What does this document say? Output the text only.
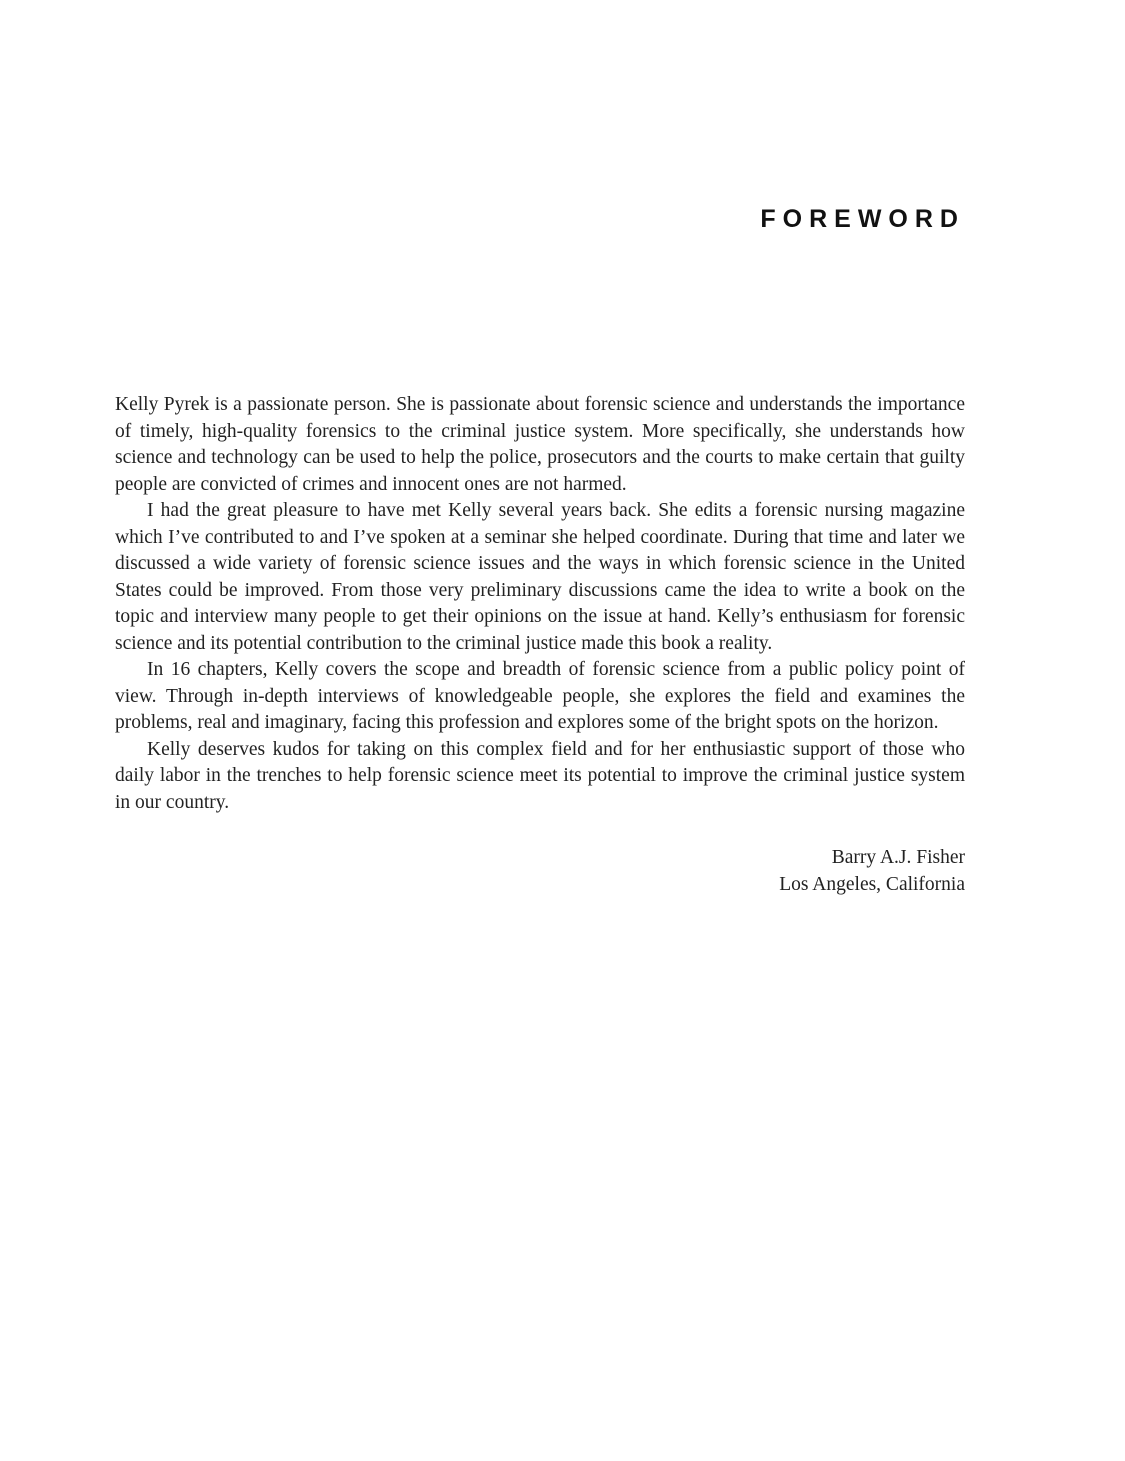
FOREWORD

Kelly Pyrek is a passionate person. She is passionate about forensic science and understands the importance of timely, high-quality forensics to the criminal justice system. More specifically, she understands how science and technology can be used to help the police, prosecutors and the courts to make certain that guilty people are convicted of crimes and innocent ones are not harmed.

I had the great pleasure to have met Kelly several years back. She edits a forensic nursing magazine which I’ve contributed to and I’ve spoken at a seminar she helped coordinate. During that time and later we discussed a wide variety of forensic science issues and the ways in which forensic science in the United States could be improved. From those very preliminary discussions came the idea to write a book on the topic and interview many people to get their opinions on the issue at hand. Kelly’s enthusiasm for forensic science and its potential contribution to the criminal justice made this book a reality.

In 16 chapters, Kelly covers the scope and breadth of forensic science from a public policy point of view. Through in-depth interviews of knowledgeable people, she explores the field and examines the problems, real and imaginary, facing this profession and explores some of the bright spots on the horizon.

Kelly deserves kudos for taking on this complex field and for her enthusiastic support of those who daily labor in the trenches to help forensic science meet its potential to improve the criminal justice system in our country.

Barry A.J. Fisher
Los Angeles, California
